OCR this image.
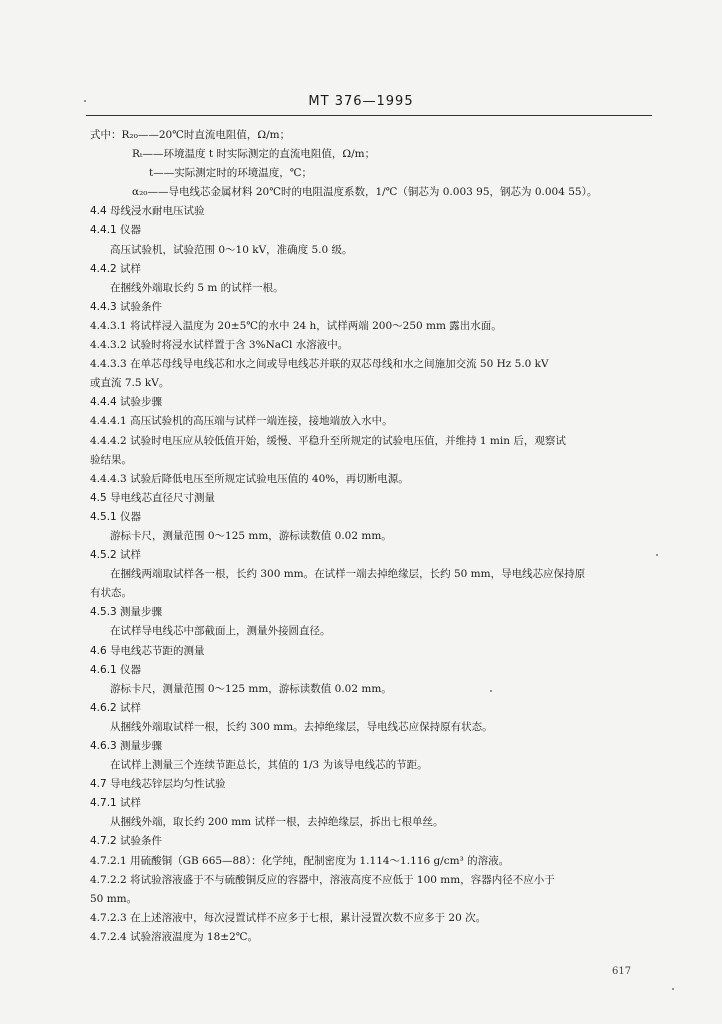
MT 376—1995
式中：R₂₀——20℃时直流电阻值，Ω/m；
Rₜ——环境温度 t 时实际测定的直流电阻值，Ω/m；
t——实际测定时的环境温度，℃；
α₂₀——导电线芯金属材料 20℃时的电阻温度系数，1/℃（铜芯为 0.003 95，钢芯为 0.004 55）。
4.4 母线浸水耐电压试验
4.4.1 仪器
高压试验机，试验范围 0～10 kV，准确度 5.0 级。
4.4.2 试样
在捆线外端取长约 5 m 的试样一根。
4.4.3 试验条件
4.4.3.1 将试样浸入温度为 20±5℃的水中 24 h，试样两端 200～250 mm 露出水面。
4.4.3.2 试验时将浸水试样置于含 3%NaCl 水溶液中。
4.4.3.3 在单芯母线导电线芯和水之间或导电线芯并联的双芯母线和水之间施加交流 50 Hz 5.0 kV
或直流 7.5 kV。
4.4.4 试验步骤
4.4.4.1 高压试验机的高压端与试样一端连接，接地端放入水中。
4.4.4.2 试验时电压应从较低值开始，缓慢、平稳升至所规定的试验电压值，并维持 1 min 后，观察试
验结果。
4.4.4.3 试验后降低电压至所规定试验电压值的 40%，再切断电源。
4.5 导电线芯直径尺寸测量
4.5.1 仪器
游标卡尺，测量范围 0～125 mm，游标读数值 0.02 mm。
4.5.2 试样
在捆线两端取试样各一根，长约 300 mm。在试样一端去掉绝缘层，长约 50 mm，导电线芯应保持原
有状态。
4.5.3 测量步骤
在试样导电线芯中部截面上，测量外接圆直径。
4.6 导电线芯节距的测量
4.6.1 仪器
游标卡尺，测量范围 0～125 mm，游标读数值 0.02 mm。
4.6.2 试样
从捆线外端取试样一根，长约 300 mm。去掉绝缘层，导电线芯应保持原有状态。
4.6.3 测量步骤
在试样上测量三个连续节距总长，其值的 1/3 为该导电线芯的节距。
4.7 导电线芯锌层均匀性试验
4.7.1 试样
从捆线外端，取长约 200 mm 试样一根，去掉绝缘层，拆出七根单丝。
4.7.2 试验条件
4.7.2.1 用硫酸铜（GB 665—88）：化学纯，配制密度为 1.114～1.116 g/cm³ 的溶液。
4.7.2.2 将试验溶液盛于不与硫酸铜反应的容器中，溶液高度不应低于 100 mm，容器内径不应小于
50 mm。
4.7.2.3 在上述溶液中，每次浸置试样不应多于七根，累计浸置次数不应多于 20 次。
4.7.2.4 试验溶液温度为 18±2℃。
617
